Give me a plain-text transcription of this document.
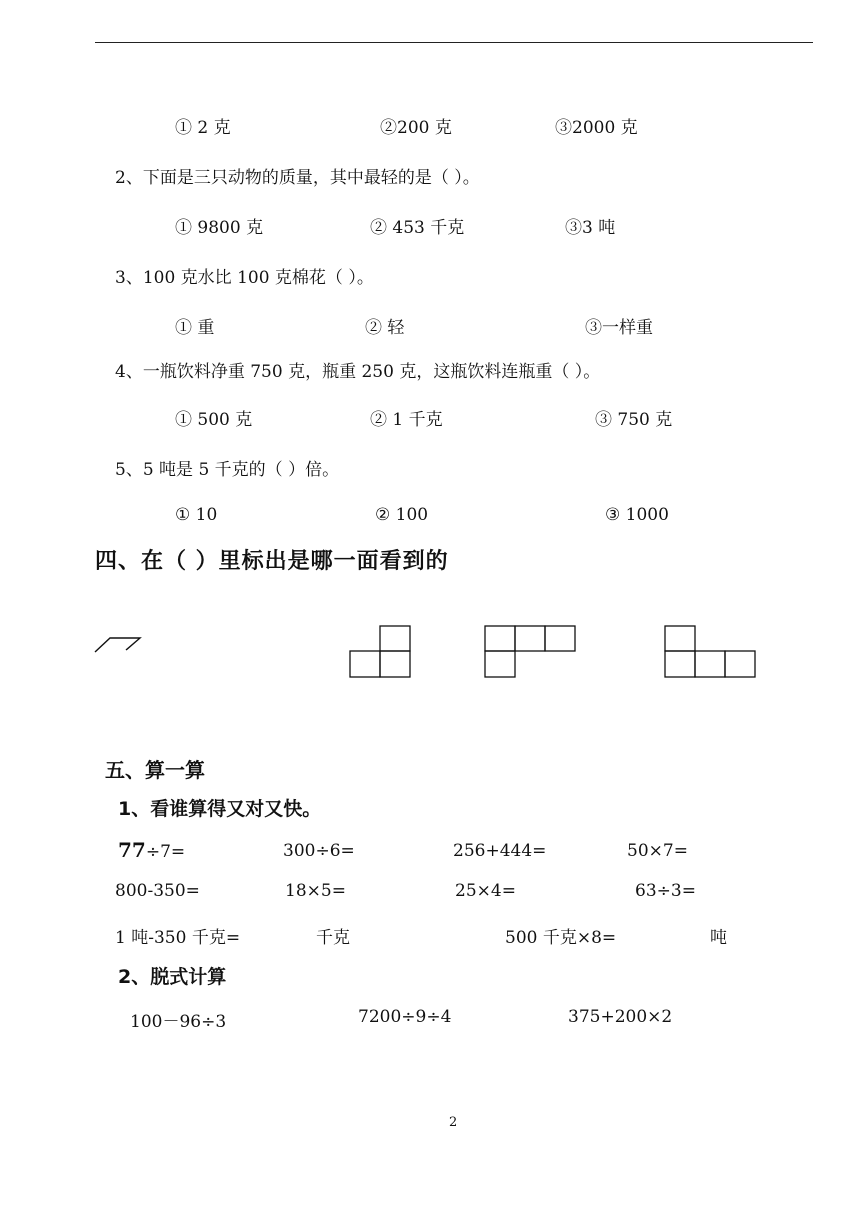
① 2 克	②200 克	③2000 克
2、下面是三只动物的质量，其中最轻的是（ ）。
① 9800 克	② 453 千克	③3 吨
3、100 克水比 100 克棉花（ ）。
① 重	② 轻	③一样重
4、一瓶饮料净重 750 克，瓶重 250 克，这瓶饮料连瓶重（ ）。
① 500 克	② 1 千克	③ 750 克
5、5 吨是 5 千克的（ ）倍。
① 10	② 100	③ 1000
四、在（ ）里标出是哪一面看到的
五、算一算
1、看谁算得又对又快。
77÷7=	300÷6=	256+444=	50×7=
800-350=	18×5=	25×4=	63÷3=
1 吨-350 千克=	千克	500 千克×8=	吨
2、脱式计算
100－96÷3	7200÷9÷4	375+200×2
2
